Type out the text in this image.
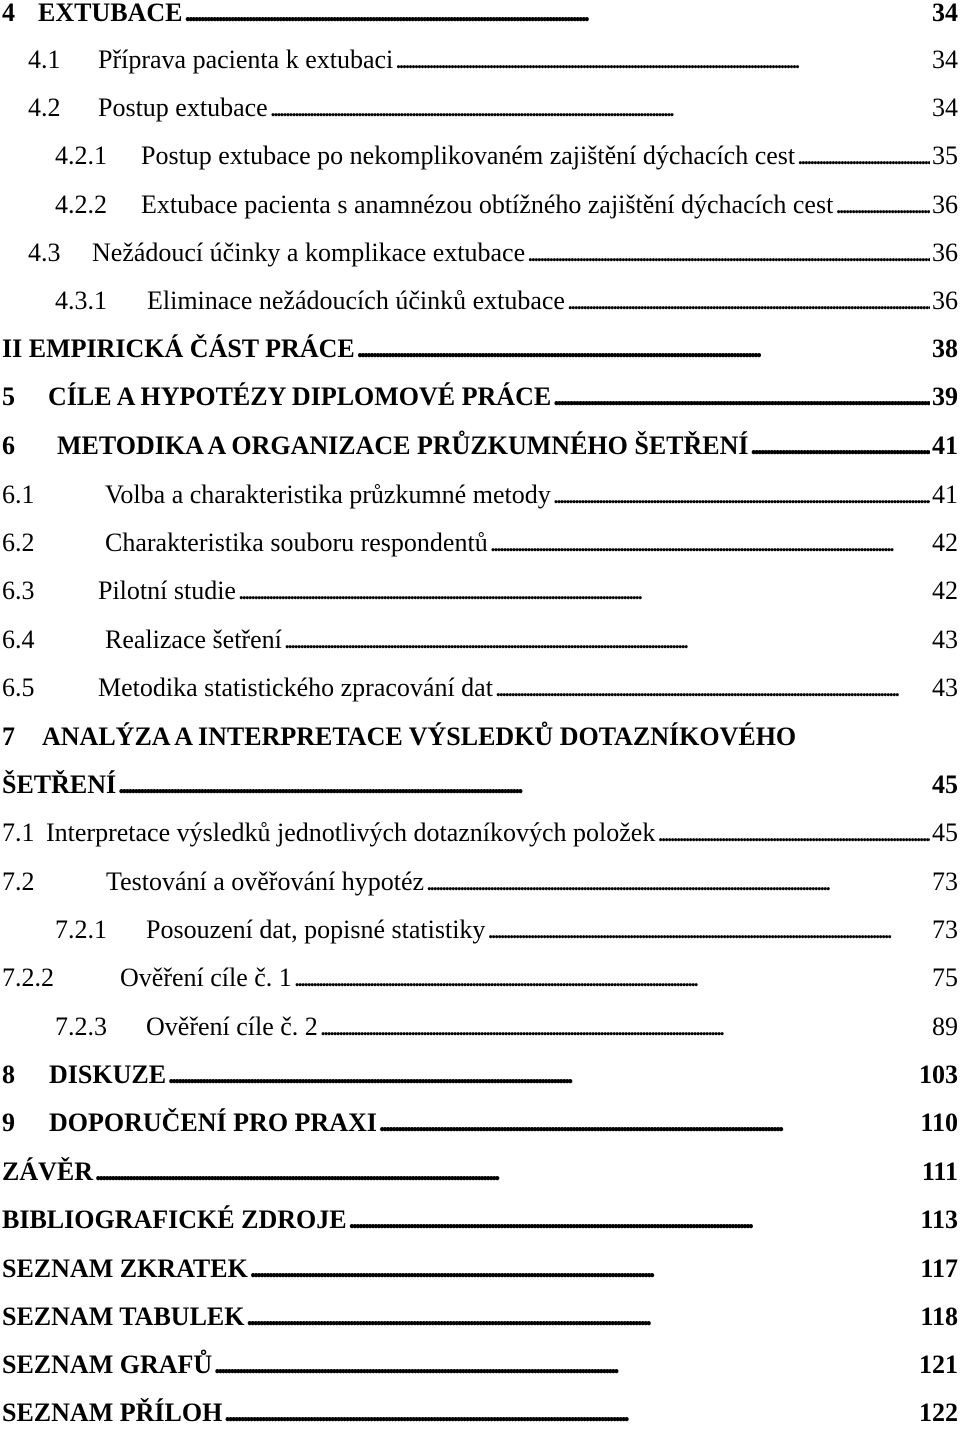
4 EXTUBACE . . .	34
4.1	Příprava pacienta k extubaci . . .	34
4.2	Postup extubace . . .	34
4.2.1	Postup extubace po nekomplikovaném zajištění dýchacích cest . . .	35
4.2.2	Extubace pacienta s anamnézou obtížného zajištění dýchacích cest . . .	36
4.3	Nežádoucí účinky a komplikace extubace . . .	36
4.3.1	Eliminace nežádoucích účinků extubace . . .	36
II EMPIRICKÁ ČÁST PRÁCE . . .	38
5	CÍLE A HYPOTÉZY DIPLOMOVÉ PRÁCE . . .	39
6	METODIKA A ORGANIZACE PRŮZKUMNÉHO ŠETŘENÍ . . .	41
6.1	Volba a charakteristika průzkumné metody . . .	41
6.2	Charakteristika souboru respondentů . . .	42
6.3	Pilotní studie . . .	42
6.4	Realizace šetření . . .	43
6.5	Metodika statistického zpracování dat . . .	43
7 ANALÝZA A INTERPRETACE VÝSLEDKŮ DOTAZNÍKOVÉHO
ŠETŘENÍ . . .	45
7.1 Interpretace výsledků jednotlivých dotazníkových položek . . .	45
7.2	Testování a ověřování hypotéz . . .	73
7.2.1	Posouzení dat, popisné statistiky . . .	73
7.2.2	Ověření cíle č. 1 . . .	75
7.2.3	Ověření cíle č. 2 . . .	89
8	DISKUZE . . .	103
9	DOPORUČENÍ PRO PRAXI . . .	110
ZÁVĚR . . .	111
BIBLIOGRAFICKÉ ZDROJE . . .	113
SEZNAM ZKRATEK . . .	117
SEZNAM TABULEK . . .	118
SEZNAM GRAFŮ . . .	121
SEZNAM PŘÍLOH . . .	122
